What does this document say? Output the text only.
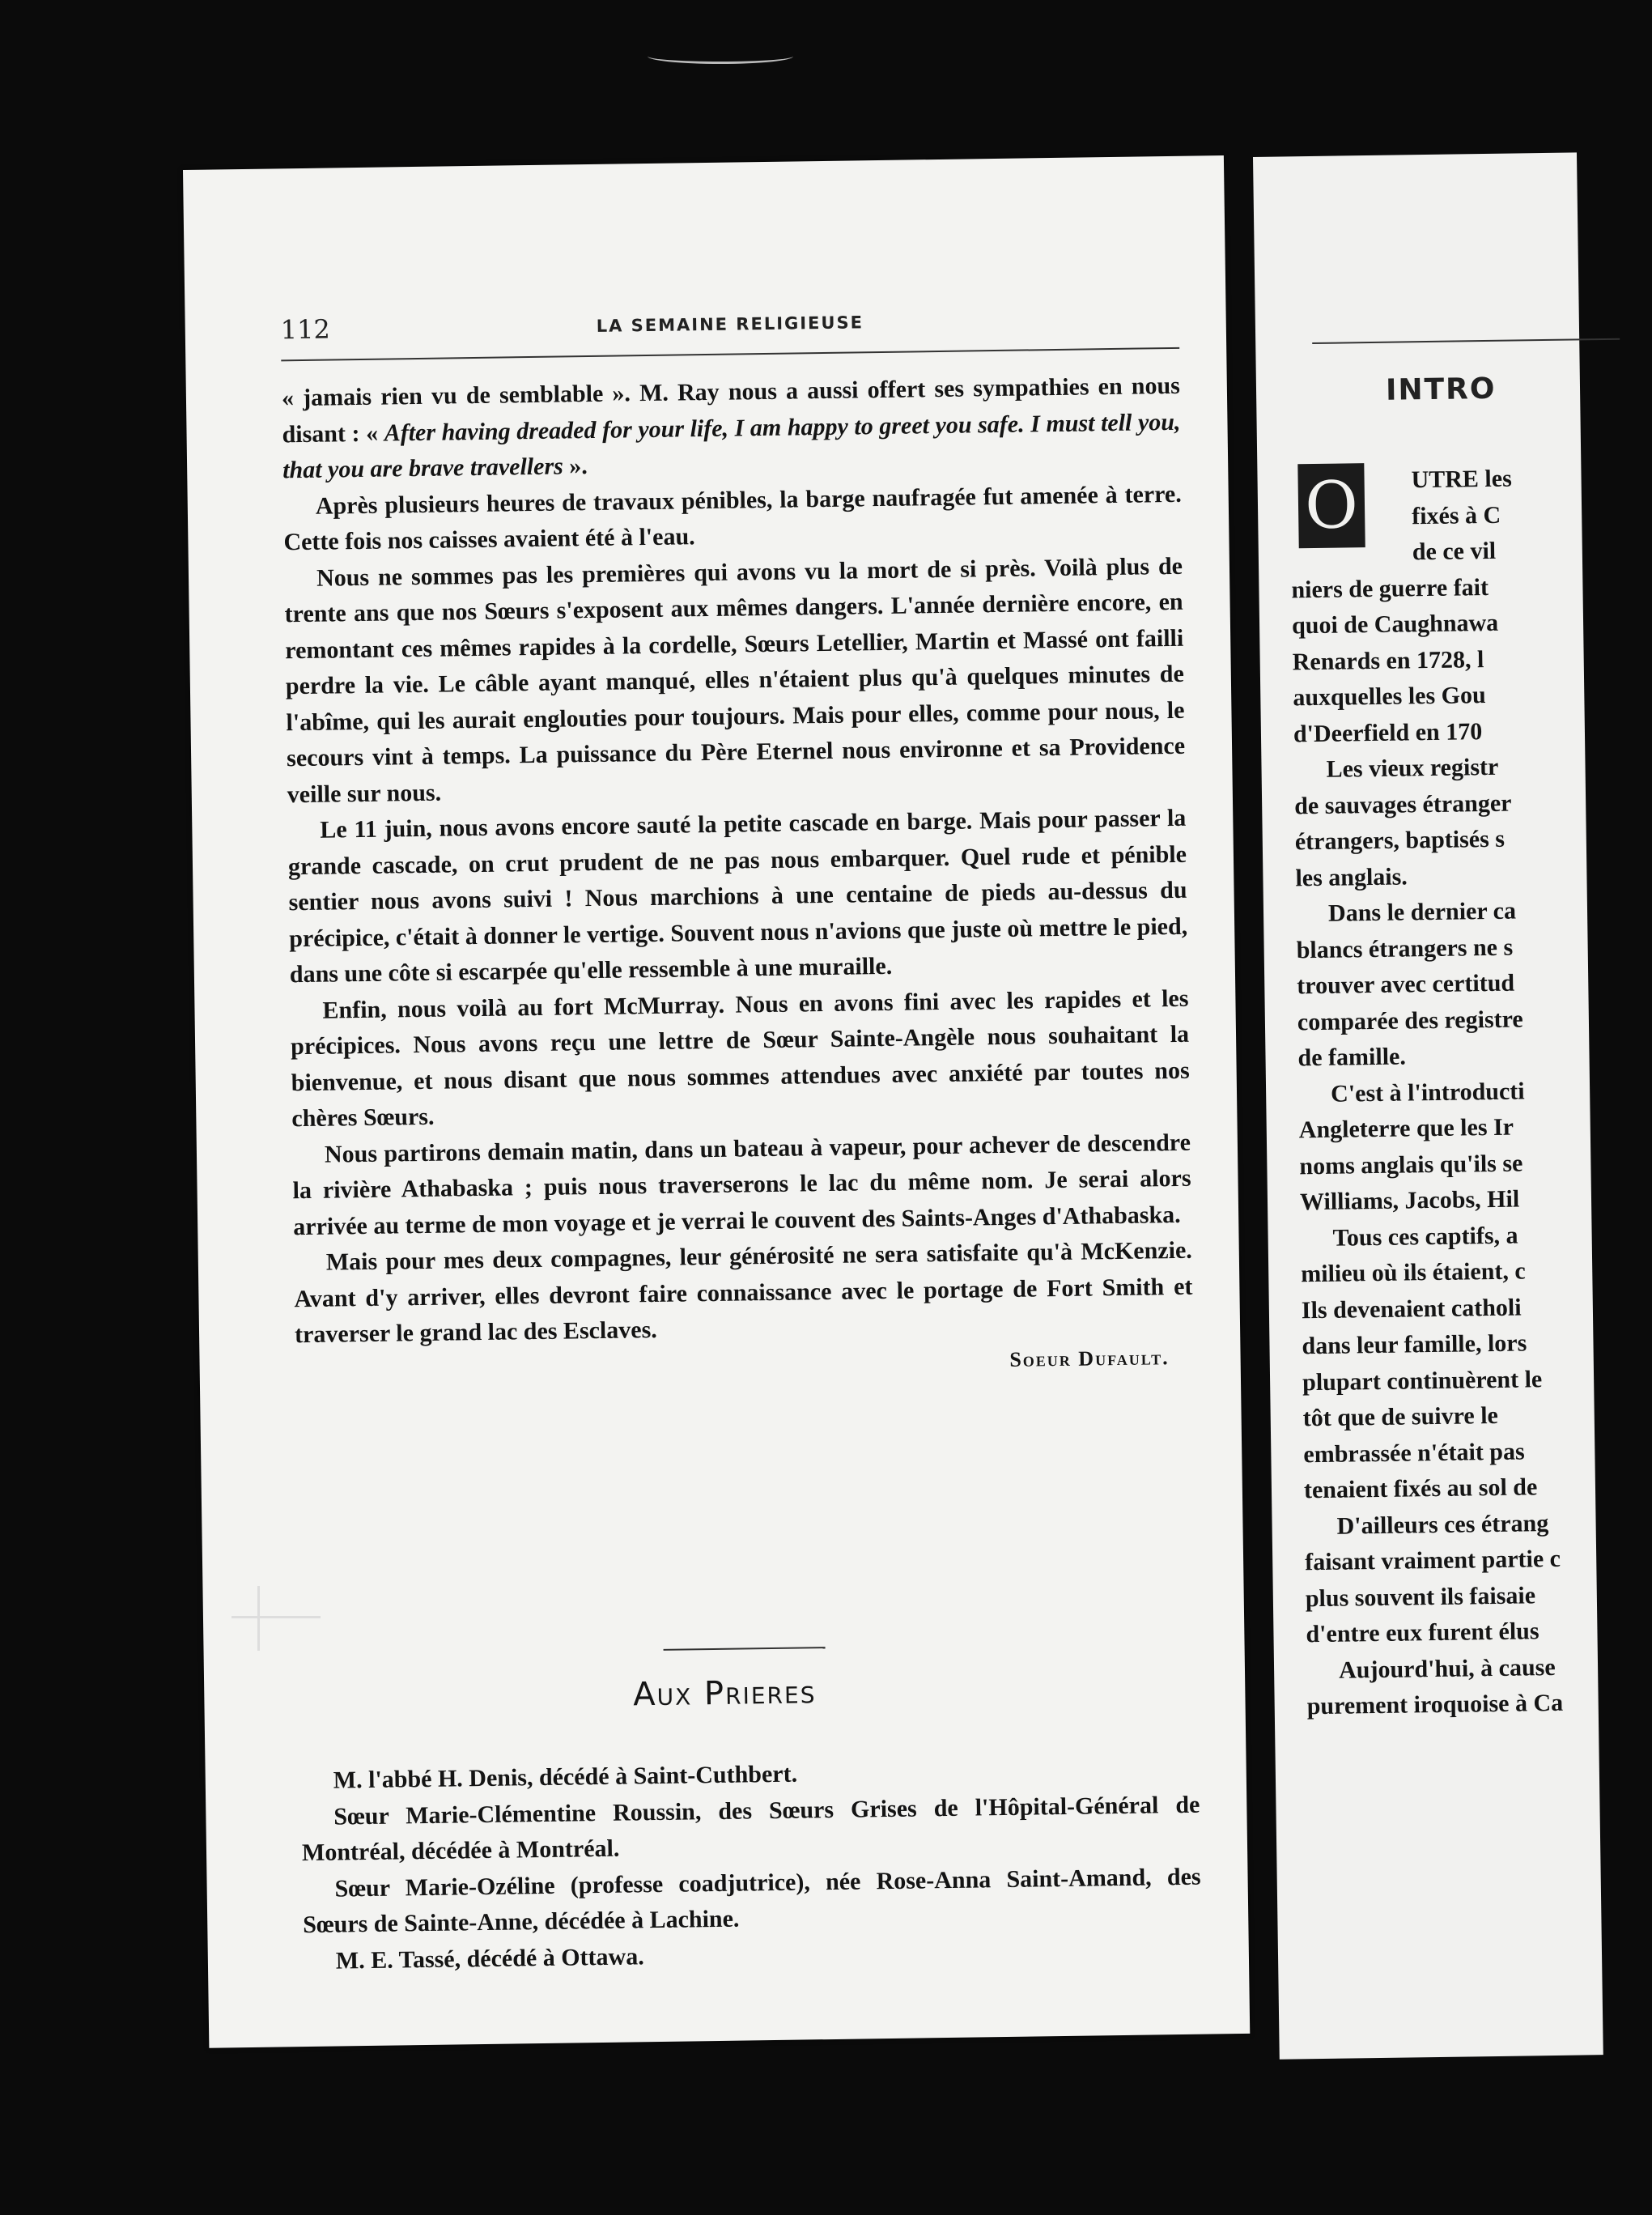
112	LA SEMAINE RELIGIEUSE

« jamais rien vu de semblable ». M. Ray nous a aussi offert ses sympathies en nous disant : « After having dreaded for your life, I am happy to greet you safe. I must tell you, that you are brave travellers ».

Après plusieurs heures de travaux pénibles, la barge naufragée fut amenée à terre. Cette fois nos caisses avaient été à l'eau.

Nous ne sommes pas les premières qui avons vu la mort de si près. Voilà plus de trente ans que nos Sœurs s'exposent aux mêmes dangers. L'année dernière encore, en remontant ces mêmes rapides à la cordelle, Sœurs Letellier, Martin et Massé ont failli perdre la vie. Le câble ayant manqué, elles n'étaient plus qu'à quelques minutes de l'abîme, qui les aurait englouties pour toujours. Mais pour elles, comme pour nous, le secours vint à temps. La puissance du Père Eternel nous environne et sa Providence veille sur nous.

Le 11 juin, nous avons encore sauté la petite cascade en barge. Mais pour passer la grande cascade, on crut prudent de ne pas nous embarquer. Quel rude et pénible sentier nous avons suivi ! Nous marchions à une centaine de pieds au-dessus du précipice, c'était à donner le vertige. Souvent nous n'avions que juste où mettre le pied, dans une côte si escarpée qu'elle ressemble à une muraille.

Enfin, nous voilà au fort McMurray. Nous en avons fini avec les rapides et les précipices. Nous avons reçu une lettre de Sœur Sainte-Angèle nous souhaitant la bienvenue, et nous disant que nous sommes attendues avec anxiété par toutes nos chères Sœurs.

Nous partirons demain matin, dans un bateau à vapeur, pour achever de descendre la rivière Athabaska ; puis nous traverserons le lac du même nom. Je serai alors arrivée au terme de mon voyage et je verrai le couvent des Saints-Anges d'Athabaska.

Mais pour mes deux compagnes, leur générosité ne sera satisfaite qu'à McKenzie. Avant d'y arriver, elles devront faire connaissance avec le portage de Fort Smith et traverser le grand lac des Esclaves.

Soeur Dufault.
Aux Prieres

M. l'abbé H. Denis, décédé à Saint-Cuthbert.

Sœur Marie-Clémentine Roussin, des Sœurs Grises de l'Hôpital-Général de Montréal, décédée à Montréal.

Sœur Marie-Ozéline (professe coadjutrice), née Rose-Anna Saint-Amand, des Sœurs de Sainte-Anne, décédée à Lachine.

M. E. Tassé, décédé à Ottawa.

INTRO
O	UTRE les
fixés à C
de ce vil
niers de guerre fait
quoi de Caughnawa
Renards en 1728, l
auxquelles les Gou
d'Deerfield en 170
Les vieux registr
de sauvages étranger
étrangers, baptisés s
les anglais.
Dans le dernier ca
blancs étrangers ne s
trouver avec certitud
comparée des registre
de famille.
C'est à l'introducti
Angleterre que les Ir
noms anglais qu'ils se
Williams, Jacobs, Hil
Tous ces captifs, a
milieu où ils étaient, c
Ils devenaient catholi
dans leur famille, lors
plupart continuèrent le
tôt que de suivre le
embrassée n'était pas
tenaient fixés au sol de
D'ailleurs ces étrang
faisant vraiment partie c
plus souvent ils faisaie
d'entre eux furent élus
Aujourd'hui, à cause
purement iroquoise à Ca
